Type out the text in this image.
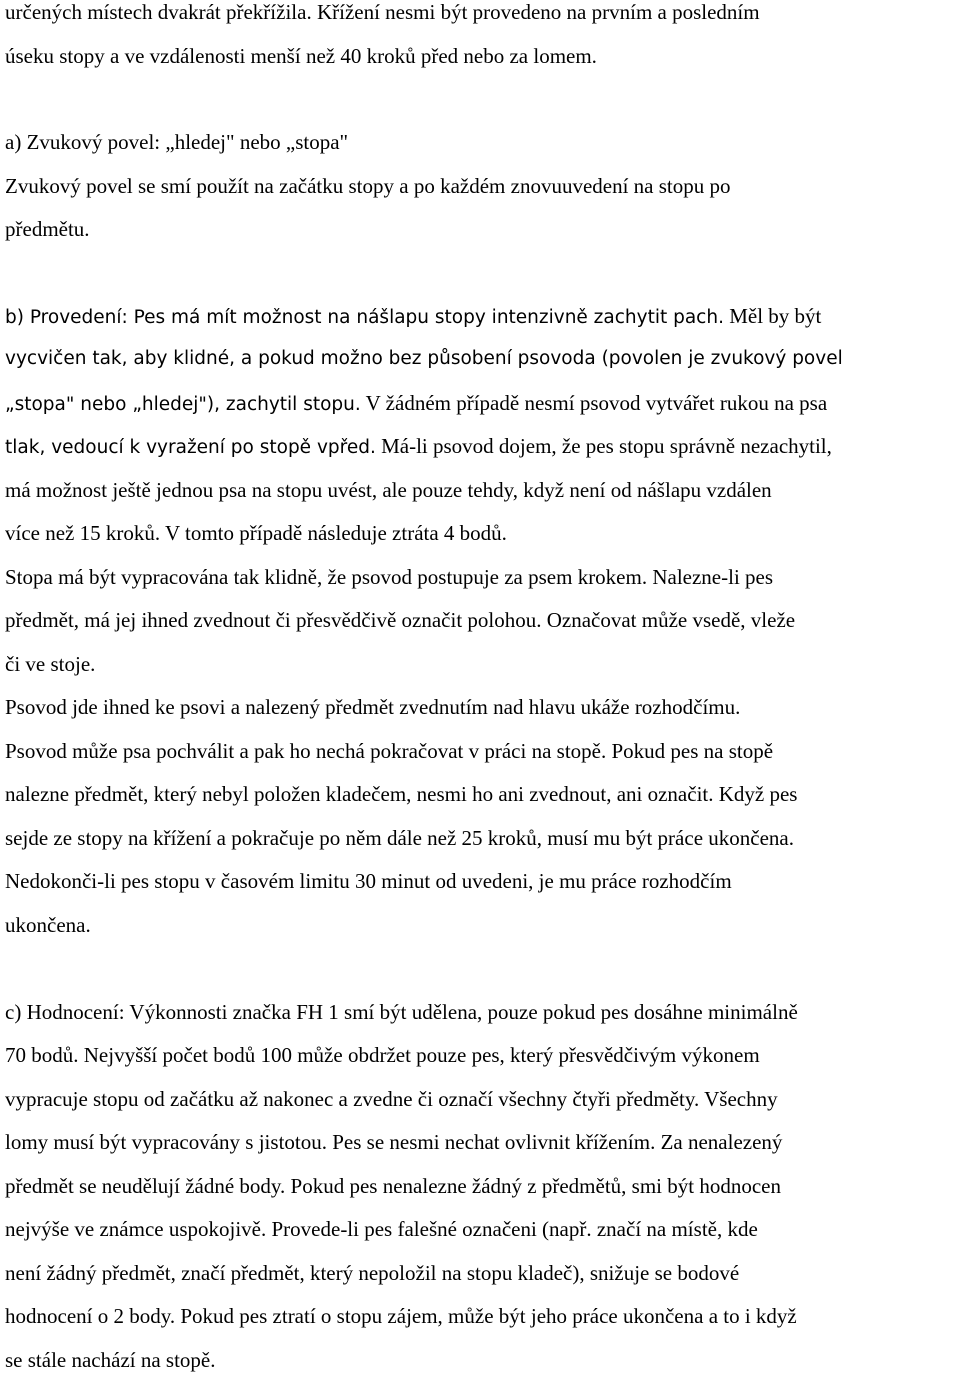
určených místech dvakrát překřížila. Křížení nesmi být provedeno na prvním a posledním
úseku stopy a ve vzdálenosti menší než 40 kroků před nebo za lomem.
a) Zvukový povel: „hledej" nebo „stopa"
Zvukový povel se smí použít na začátku stopy a po každém znovuuvedení na stopu po
předmětu.
b) Provedení: Pes má mít možnost na nášlapu stopy intenzivně zachytit pach. Měl by být
vycvičen tak, aby klidné, a pokud možno bez působení psovoda (povolen je zvukový povel
„stopa" nebo „hledej"), zachytil stopu. V žádném případě nesmí psovod vytvářet rukou na psa
tlak, vedoucí k vyražení po stopě vpřed. Má-li psovod dojem, že pes stopu správně nezachytil,
má možnost ještě jednou psa na stopu uvést, ale pouze tehdy, když není od nášlapu vzdálen
více než 15 kroků. V tomto případě následuje ztráta 4 bodů.
Stopa má být vypracována tak klidně, že psovod postupuje za psem krokem. Nalezne-li pes
předmět, má jej ihned zvednout či přesvědčivě označit polohou. Označovat může vsedě, vleže
či ve stoje.
Psovod jde ihned ke psovi a nalezený předmět zvednutím nad hlavu ukáže rozhodčímu.
Psovod může psa pochválit a pak ho nechá pokračovat v práci na stopě. Pokud pes na stopě
nalezne předmět, který nebyl položen kladečem, nesmi ho ani zvednout, ani označit. Když pes
sejde ze stopy na křížení a pokračuje po něm dále než 25 kroků, musí mu být práce ukončena.
Nedokonči-li pes stopu v časovém limitu 30 minut od uvedeni, je mu práce rozhodčím
ukončena.
c) Hodnocení: Výkonnosti značka FH 1 smí být udělena, pouze pokud pes dosáhne minimálně
70 bodů. Nejvyšší počet bodů 100 může obdržet pouze pes, který přesvědčivým výkonem
vypracuje stopu od začátku až nakonec a zvedne či označí všechny čtyři předměty. Všechny
lomy musí být vypracovány s jistotou. Pes se nesmi nechat ovlivnit křížením. Za nenalezený
předmět se neudělují žádné body. Pokud pes nenalezne žádný z předmětů, smi být hodnocen
nejvýše ve známce uspokojivě. Provede-li pes falešné označeni (např. značí na místě, kde
není žádný předmět, značí předmět, který nepoložil na stopu kladeč), snižuje se bodové
hodnocení o 2 body. Pokud pes ztratí o stopu zájem, může být jeho práce ukončena a to i když
se stále nachází na stopě.
